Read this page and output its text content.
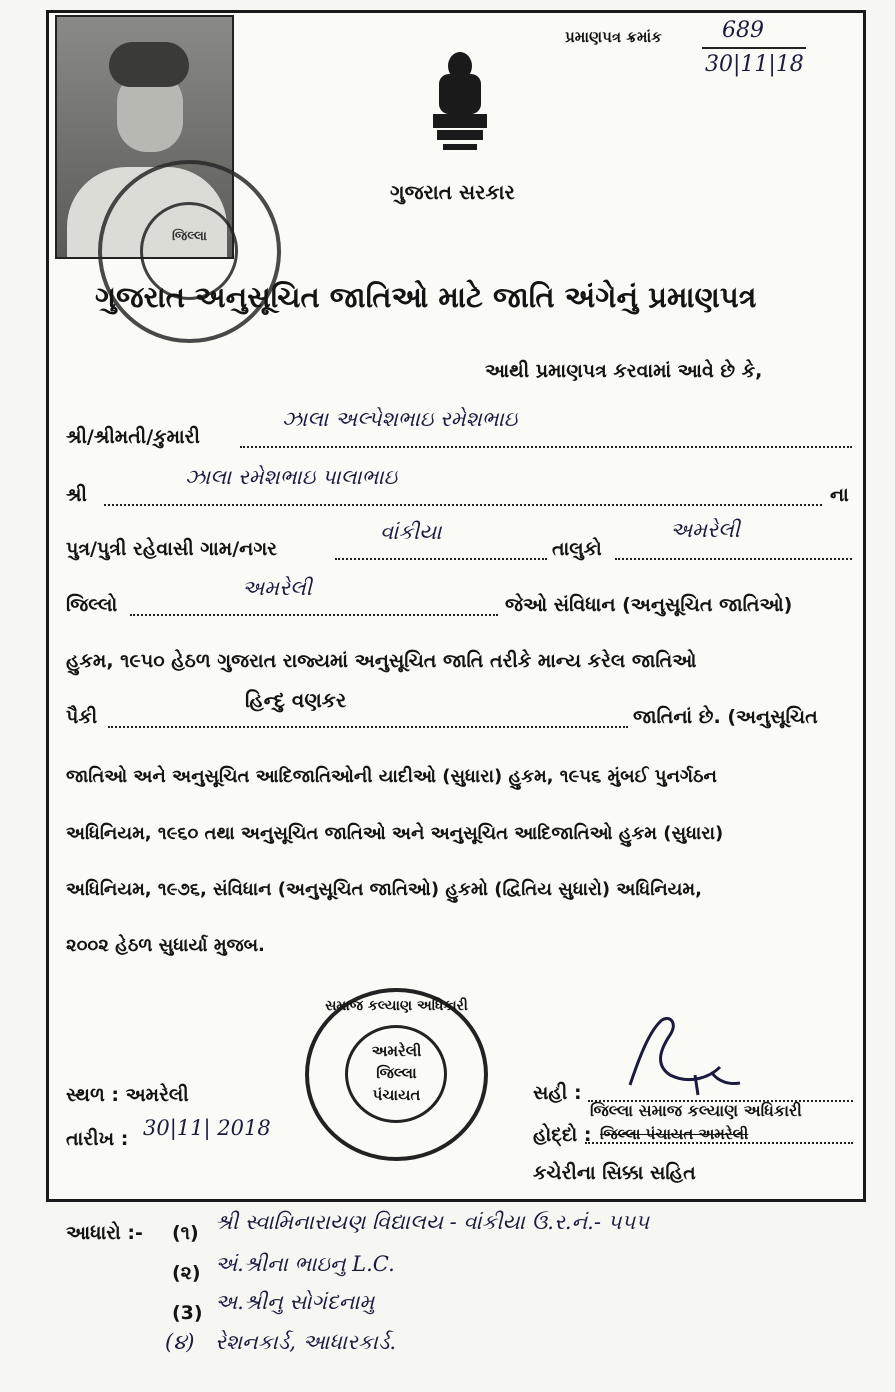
જિલ્લા
પ્રમાણપત્ર ક્રમાંક	689
30|11|18
ગુજરાત સરકાર
ગુજરાત અનુસૂચિત જાતિઓ માટે જાતિ અંગેનું પ્રમાણપત્ર
આથી પ્રમાણપત્ર કરવામાં આવે છે કે,
શ્રી/શ્રીમતી/કુમારી
ઝાલા અલ્પેશભાઇ રમેશભાઇ
શ્રી
ઝાલા રમેશભાઇ પાલાભાઇ
ના
પુત્ર/પુત્રી રહેવાસી ગામ/નગર
વાંકીયા
તાલુકો
અમરેલી
જિલ્લો
અમરેલી
જેઓ સંવિધાન (અનુસૂચિત જાતિઓ)
હુકમ, ૧૯૫૦ હેઠળ ગુજરાત રાજ્યમાં અનુસૂચિત જાતિ તરીકે માન્ય કરેલ જાતિઓ
હિન્દુ વણકર
પૈકી	જાતિનાં છે. (અનુસૂચિત
જાતિઓ અને અનુસૂચિત આદિજાતિઓની યાદીઓ (સુધારા) હુકમ, ૧૯૫૬ મુંબઈ પુનર્ગઠન
અધિનિયમ, ૧૯૬૦ તથા અનુસૂચિત જાતિઓ અને અનુસૂચિત આદિજાતિઓ હુકમ (સુધારા)
અધિનિયમ, ૧૯૭૬, સંવિધાન (અનુસૂચિત જાતિઓ) હુકમો (દ્વિતિય સુધારો) અધિનિયમ,
૨૦૦૨ હેઠળ સુધાર્યા મુજબ.
સમાજ કલ્યાણ અધિકારી
અમરેલી
જિલ્લા
પંચાયત
સ્થળ : અમરેલી
તારીખ : 30|11| 2018
સહી :
જિલ્લા સમાજ કલ્યાણ અધિકારી
હોદ્દો : જિલ્લા પંચાયત અમરેલી
કચેરીના સિક્કા સહિત
આધારો :- (૧) શ્રી સ્વામિનારાયણ વિદ્યાલય - વાંકીયા ઉ.ર.નં.- ૫૫૫
(૨) અં.શ્રીના ભાઇનુ L.C.
(3) અ.શ્રીનુ સોગંદનામુ
(૪) રેશનકાર્ડ, આધારકાર્ડ.
